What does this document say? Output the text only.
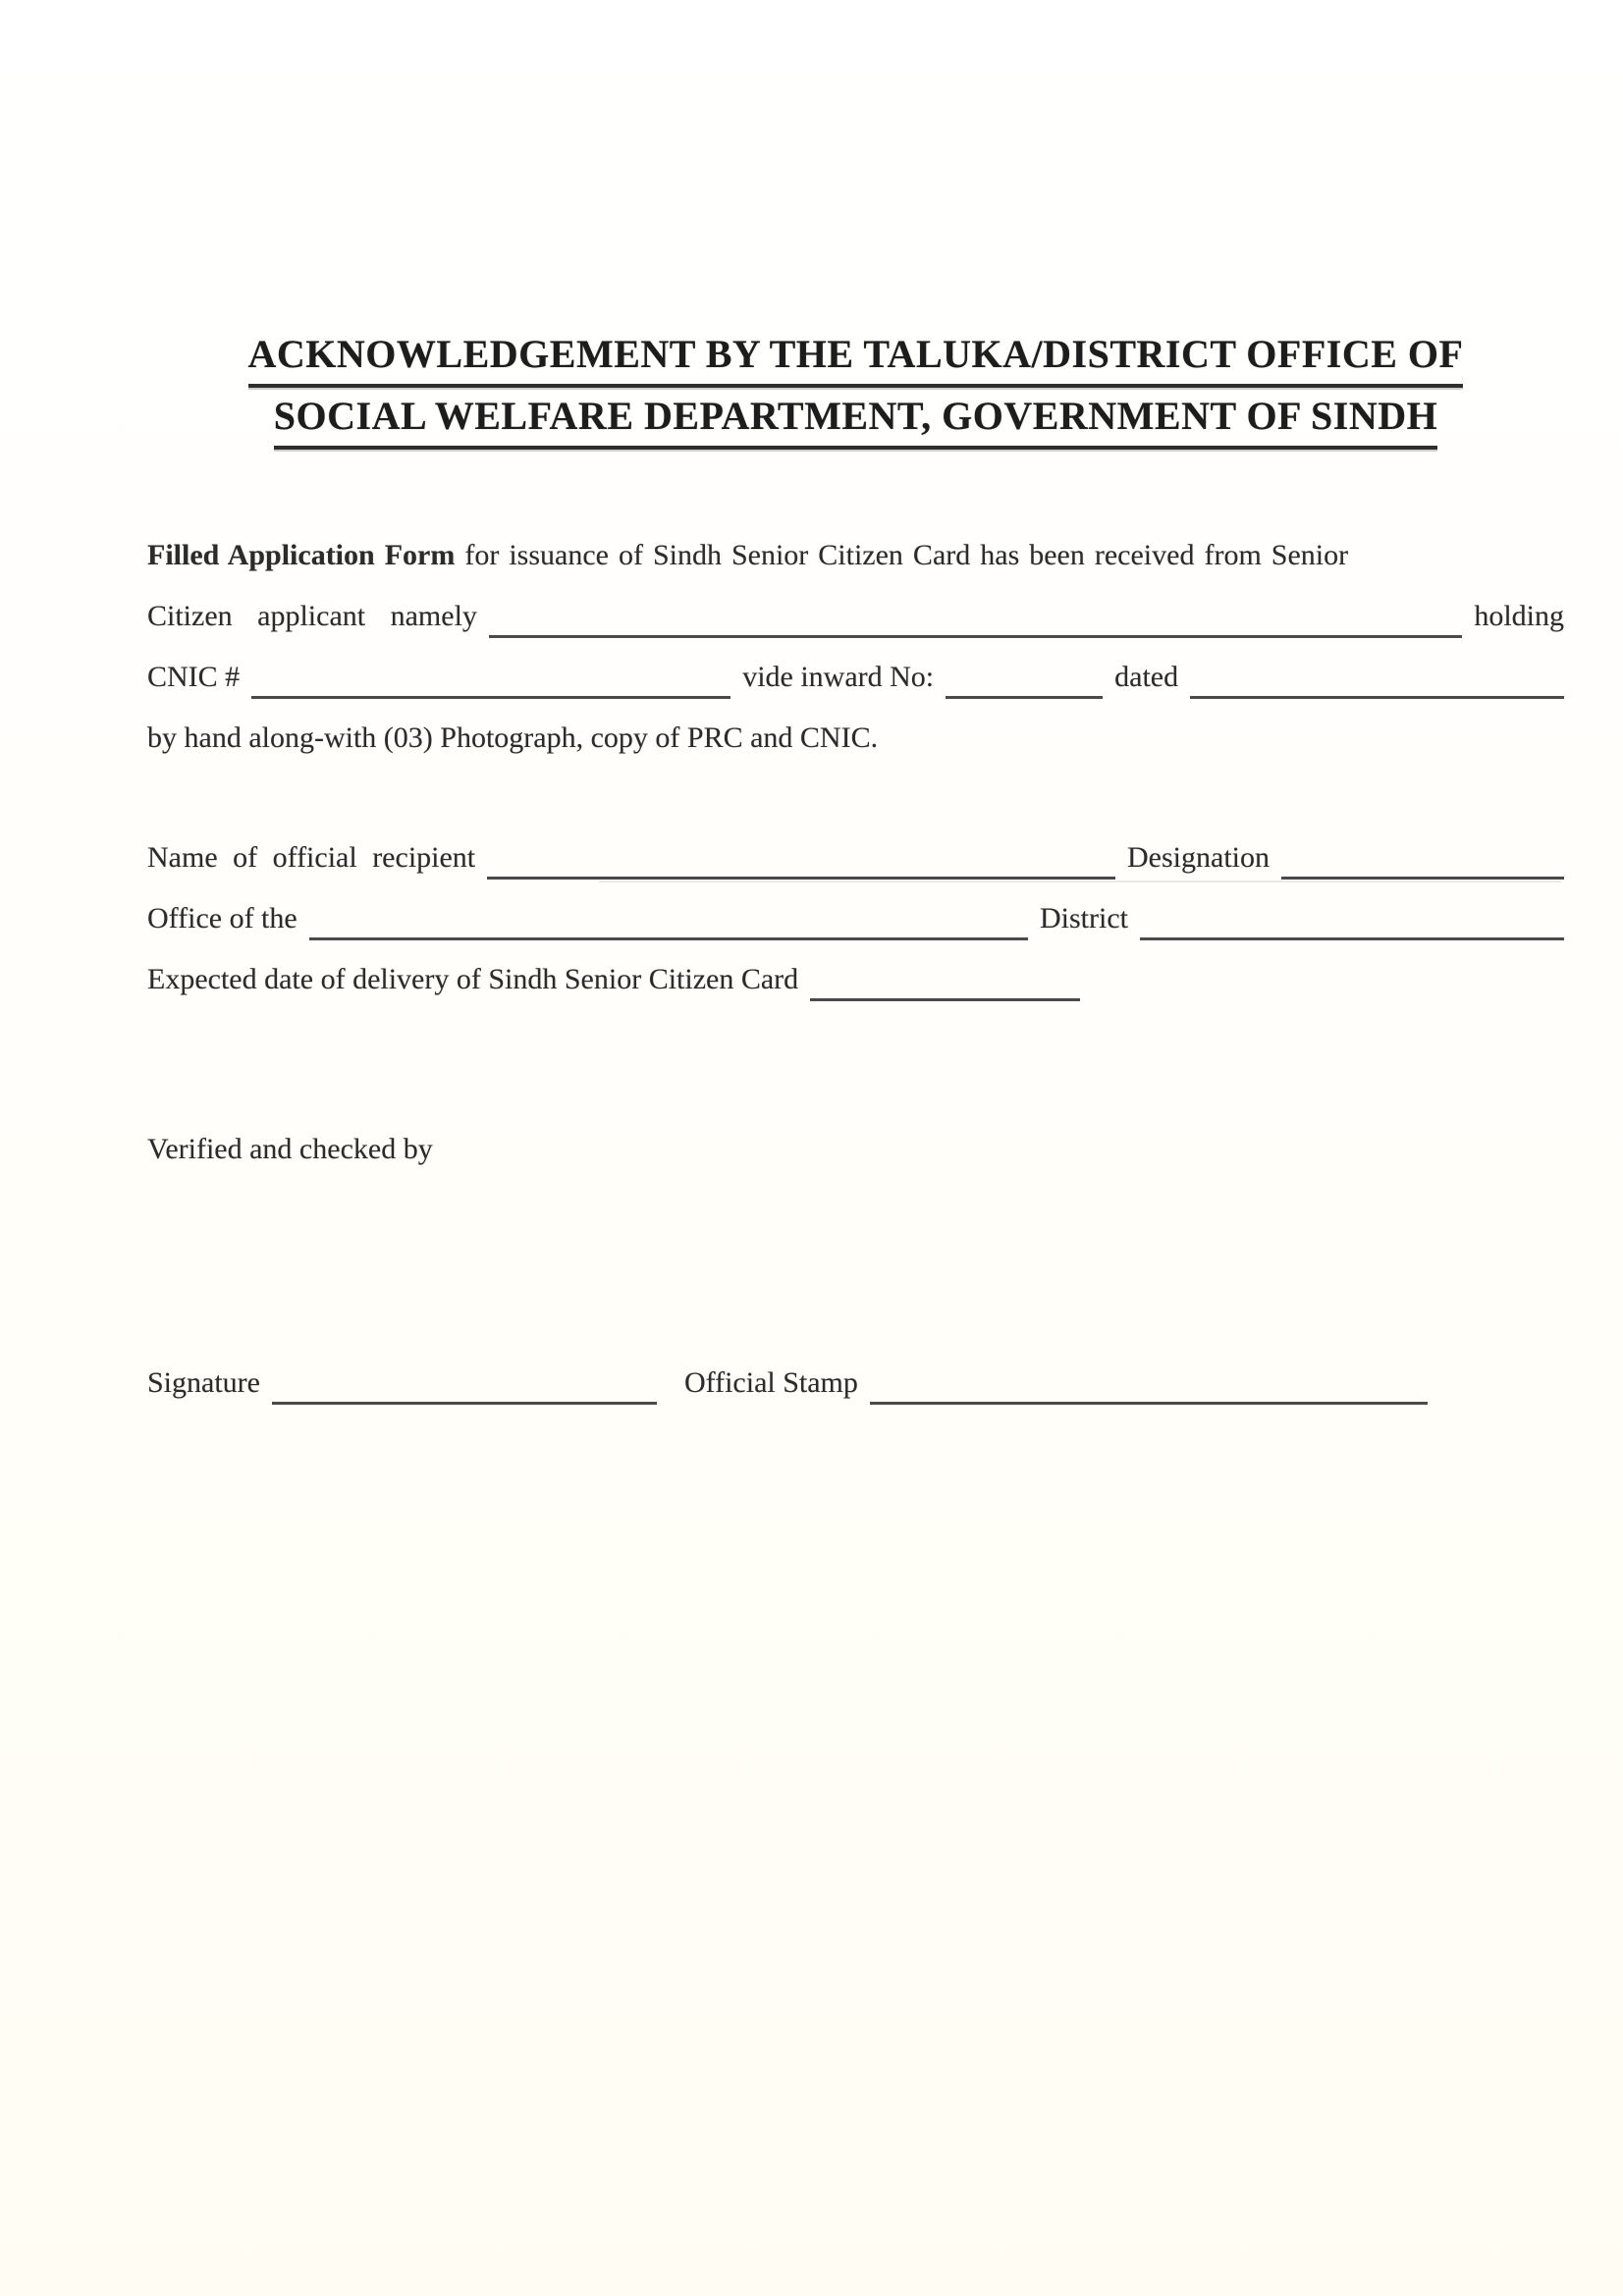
ACKNOWLEDGEMENT BY THE TALUKA/DISTRICT OFFICE OF
SOCIAL WELFARE DEPARTMENT, GOVERNMENT OF SINDH
Filled Application Form for issuance of Sindh Senior Citizen Card has been received from Senior
Citizen applicant namely	holding
CNIC #	vide inward No:	dated
by hand along-with (03) Photograph, copy of PRC and CNIC.
Name of official recipient	Designation
Office of the	District
Expected date of delivery of Sindh Senior Citizen Card
Verified and checked by
Signature	Official Stamp
